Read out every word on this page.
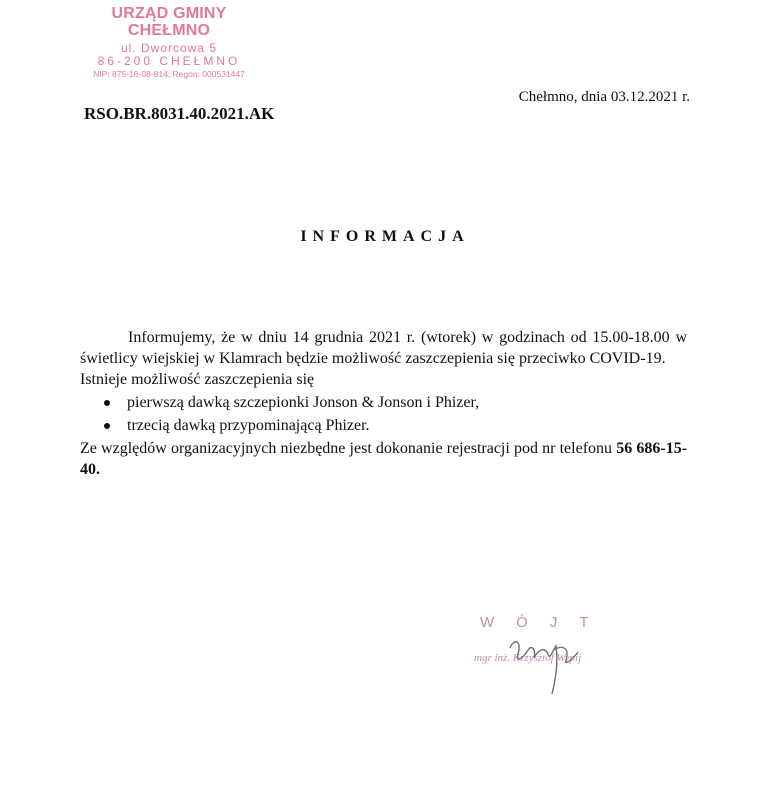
URZĄD GMINY CHEŁMNO
ul. Dworcowa 5
86-200 CHEŁMNO
NIP: 875-16-08-814; Regon: 000531447
RSO.BR.8031.40.2021.AK
Chełmno, dnia 03.12.2021 r.
INFORMACJA

Informujemy, że w dniu 14 grudnia 2021 r. (wtorek) w godzinach od 15.00-18.00 w świetlicy wiejskiej w Klamrach będzie możliwość zaszczepienia się przeciwko COVID-19.

Istnieje możliwość zaszczepienia się

pierwszą dawką szczepionki Jonson & Jonson i Phizer,
trzecią dawką przypominającą Phizer.

Ze względów organizacyjnych niezbędne jest dokonanie rejestracji pod nr telefonu 56 686-15-40.

WÓJT
mgr inż. Krzysztof Wypij
